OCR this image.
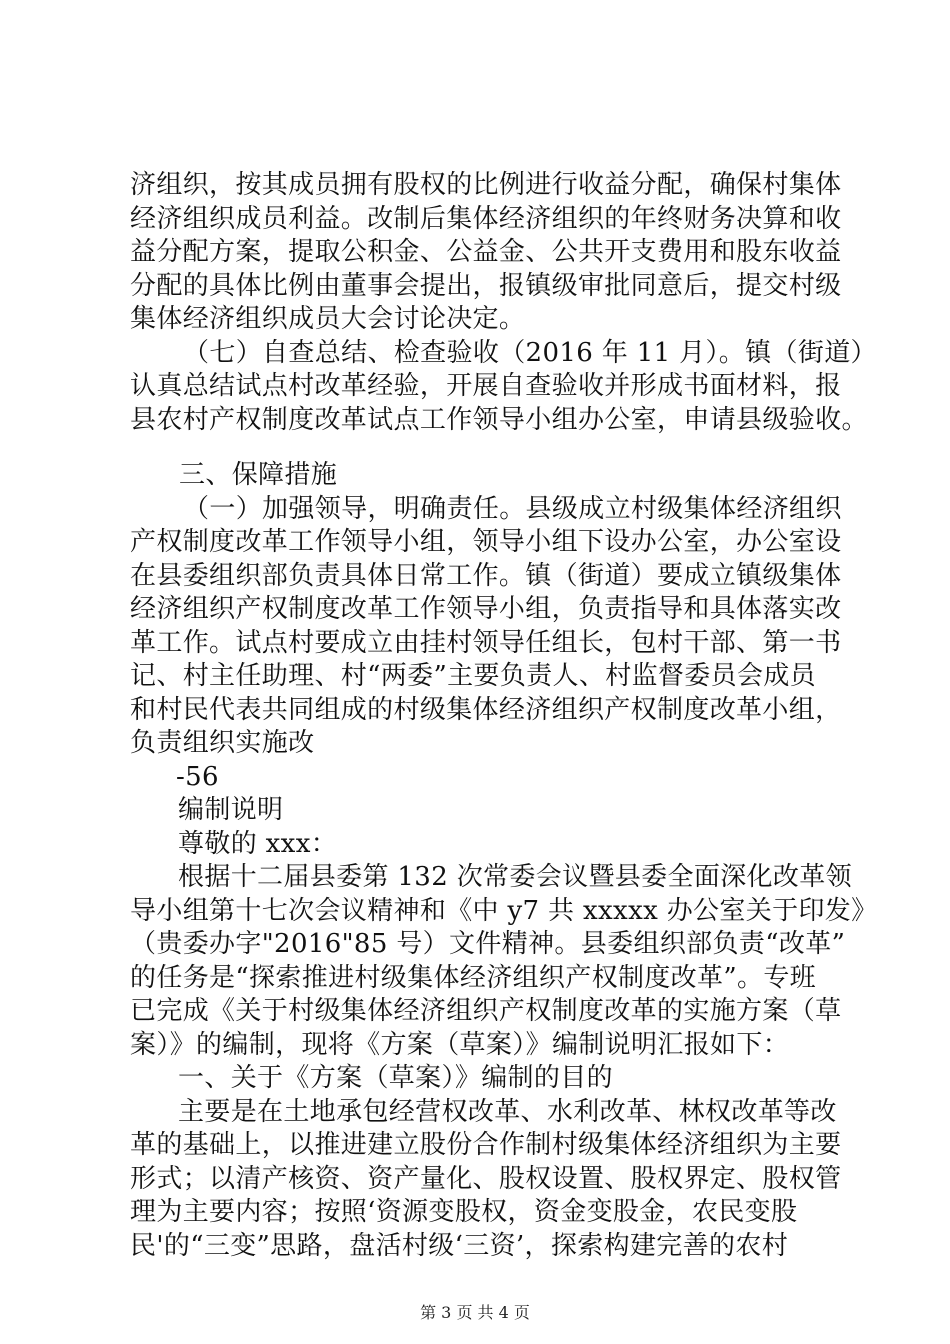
济组织，按其成员拥有股权的比例进行收益分配，确保村集体
经济组织成员利益。改制后集体经济组织的年终财务决算和收
益分配方案，提取公积金、公益金、公共开支费用和股东收益
分配的具体比例由董事会提出，报镇级审批同意后，提交村级
集体经济组织成员大会讨论决定。
（七）自查总结、检查验收（2016 年 11 月）。镇（街道）
认真总结试点村改革经验，开展自查验收并形成书面材料，报
县农村产权制度改革试点工作领导小组办公室，申请县级验收。
三、保障措施
（一）加强领导，明确责任。县级成立村级集体经济组织
产权制度改革工作领导小组，领导小组下设办公室，办公室设
在县委组织部负责具体日常工作。镇（街道）要成立镇级集体
经济组织产权制度改革工作领导小组，负责指导和具体落实改
革工作。试点村要成立由挂村领导任组长，包村干部、第一书
记、村主任助理、村“两委”主要负责人、村监督委员会成员
和村民代表共同组成的村级集体经济组织产权制度改革小组，
负责组织实施改
-56
编制说明
尊敬的 xxx：
根据十二届县委第 132 次常委会议暨县委全面深化改革领
导小组第十七次会议精神和《中 y7 共 xxxxx 办公室关于印发》
（贵委办字"2016"85 号）文件精神。县委组织部负责“改革”
的任务是“探索推进村级集体经济组织产权制度改革”。专班
已完成《关于村级集体经济组织产权制度改革的实施方案（草
案）》的编制，现将《方案（草案）》编制说明汇报如下：
一、关于《方案（草案）》编制的目的
主要是在土地承包经营权改革、水利改革、林权改革等改
革的基础上，以推进建立股份合作制村级集体经济组织为主要
形式；以清产核资、资产量化、股权设置、股权界定、股权管
理为主要内容；按照‘资源变股权，资金变股金，农民变股
民'的“三变”思路，盘活村级‘三资’，探索构建完善的农村
第 3 页 共 4 页
